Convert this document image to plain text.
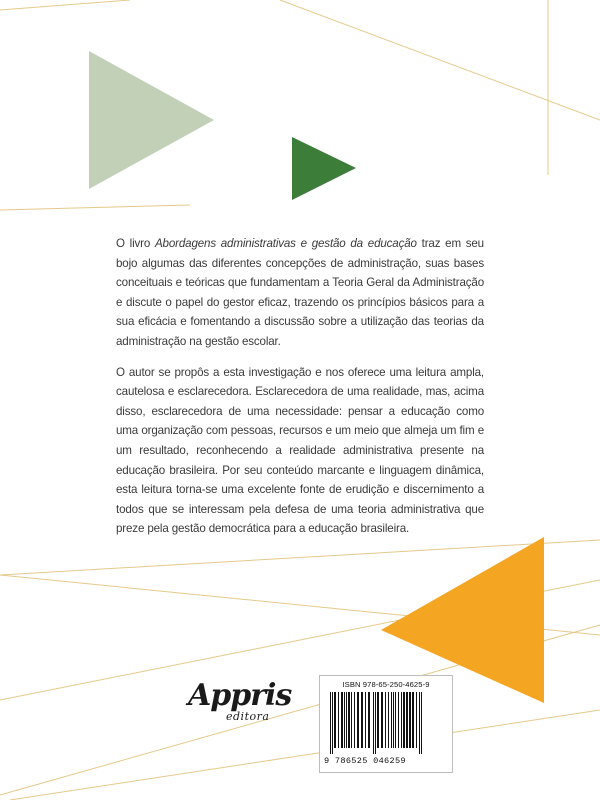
O livro Abordagens administrativas e gestão da educação traz em seu bojo algumas das diferentes concepções de administração, suas bases conceituais e teóricas que fundamentam a Teoria Geral da Administração e discute o papel do gestor eficaz, trazendo os princípios básicos para a sua eficácia e fomentando a discussão sobre a utilização das teorias da administração na gestão escolar.

O autor se propôs a esta investigação e nos oferece uma leitura ampla, cautelosa e esclarecedora. Esclarecedora de uma realidade, mas, acima disso, esclarecedora de uma necessidade: pensar a educação como uma organização com pessoas, recursos e um meio que almeja um fim e um resultado, reconhecendo a realidade administrativa presente na educação brasileira. Por seu conteúdo marcante e linguagem dinâmica, esta leitura torna-se uma excelente fonte de erudição e discernimento a todos que se interessam pela defesa de uma teoria administrativa que preze pela gestão democrática para a educação brasileira.

Appris
editora
ISBN 978-65-250-4625-9
9 786525 046259
